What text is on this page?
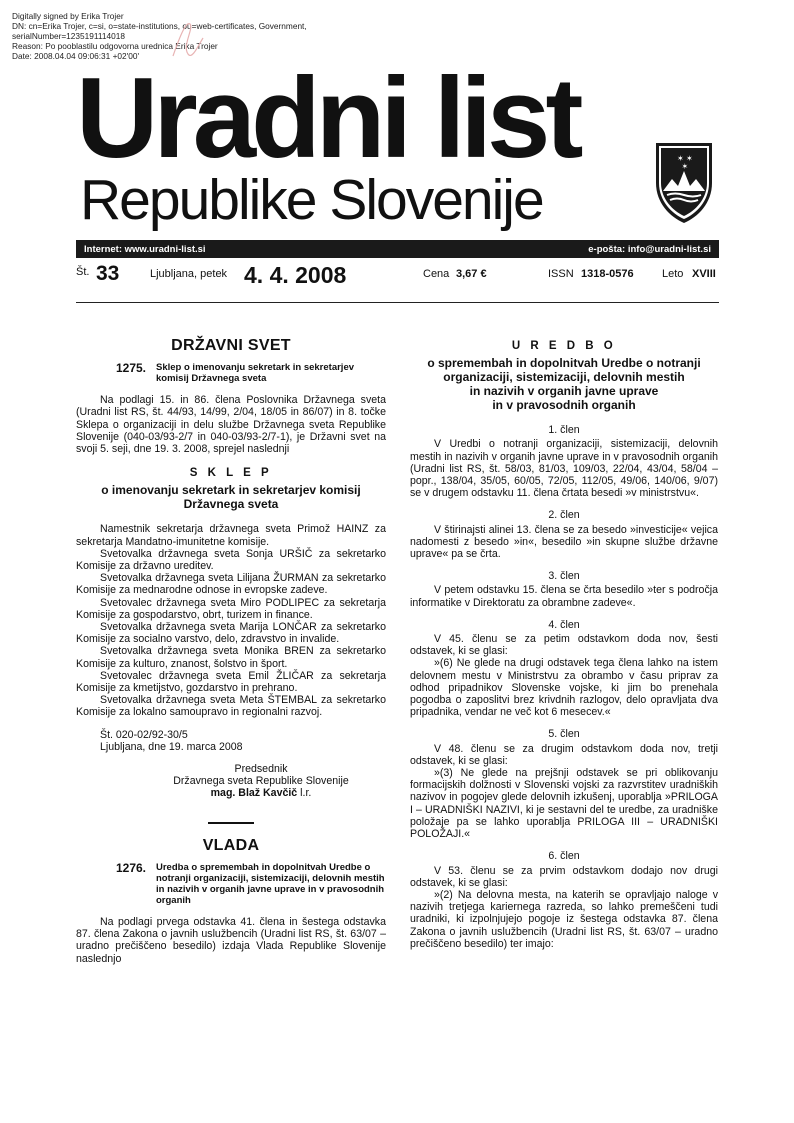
Digitally signed by Erika Trojer
DN: cn=Erika Trojer, c=si, o=state-institutions, ou=web-certificates, Government,
serialNumber=1235191114018
Reason: Po pooblastilu odgovorna urednica Erika Trojer
Date: 2008.04.04 09:06:31 +02'00'
Uradni list
Republike Slovenije
✶ ✶
✶
Internet: www.uradni-list.si	e-pošta: info@uradni-list.si
Št. 33	Ljubljana, petek 4. 4. 2008	Cena 3,67 €	ISSN 1318-0576	Leto XVIII
DRŽAVNI SVET
1275.	Sklep o imenovanju sekretark in sekretarjev komisij Državnega sveta

Na podlagi 15. in 86. člena Poslovnika Državnega sveta (Uradni list RS, št. 44/93, 14/99, 2/04, 18/05 in 86/07) in 8. točke Sklepa o organizaciji in delu službe Državnega sveta Republike Slovenije (040-03/93-2/7 in 040-03/93-2/7-1), je Državni svet na svoji 5. seji, dne 19. 3. 2008, sprejel naslednji

S K L E P
o imenovanju sekretark in sekretarjev komisij Državnega sveta

Namestnik sekretarja državnega sveta Primož HAINZ za sekretarja Mandatno-imunitetne komisije.

Svetovalka državnega sveta Sonja URŠIČ za sekretarko Komisije za državno ureditev.

Svetovalka državnega sveta Lilijana ŽURMAN za sekretarko Komisije za mednarodne odnose in evropske zadeve.

Svetovalec državnega sveta Miro PODLIPEC za sekretarja Komisije za gospodarstvo, obrt, turizem in finance.

Svetovalka državnega sveta Marija LONČAR za sekretarko Komisije za socialno varstvo, delo, zdravstvo in invalide.

Svetovalka državnega sveta Monika BREN za sekretarko Komisije za kulturo, znanost, šolstvo in šport.

Svetovalec državnega sveta Emil ŽLIČAR za sekretarja Komisije za kmetijstvo, gozdarstvo in prehrano.

Svetovalka državnega sveta Meta ŠTEMBAL za sekretarko Komisije za lokalno samoupravo in regionalni razvoj.

Št. 020-02/92-30/5

Ljubljana, dne 19. marca 2008

Predsednik
Državnega sveta Republike Slovenije
mag. Blaž Kavčič l.r.
VLADA
1276.	Uredba o spremembah in dopolnitvah Uredbe o notranji organizaciji, sistemizaciji, delovnih mestih in nazivih v organih javne uprave in v pravosodnih organih

Na podlagi prvega odstavka 41. člena in šestega odstavka 87. člena Zakona o javnih uslužbencih (Uradni list RS, št. 63/07 – uradno prečiščeno besedilo) izdaja Vlada Republike Slovenije naslednjo

U R E D B O
o spremembah in dopolnitvah Uredbe o notranji
organizaciji, sistemizaciji, delovnih mestih
in nazivih v organih javne uprave
in v pravosodnih organih
1. člen

V Uredbi o notranji organizaciji, sistemizaciji, delovnih mestih in nazivih v organih javne uprave in v pravosodnih organih (Uradni list RS, št. 58/03, 81/03, 109/03, 22/04, 43/04, 58/04 – popr., 138/04, 35/05, 60/05, 72/05, 112/05, 49/06, 140/06, 9/07) se v drugem odstavku 11. člena črtata besedi »v ministrstvu«.

2. člen

V štirinajsti alinei 13. člena se za besedo »investicije« vejica nadomesti z besedo »in«, besedilo »in skupne službe državne uprave« pa se črta.

3. člen

V petem odstavku 15. člena se črta besedilo »ter s področja informatike v Direktoratu za obrambne zadeve«.

4. člen

V 45. členu se za petim odstavkom doda nov, šesti odstavek, ki se glasi:

»(6) Ne glede na drugi odstavek tega člena lahko na istem delovnem mestu v Ministrstvu za obrambo v času priprav za odhod pripadnikov Slovenske vojske, ki jim bo prenehala pogodba o zaposlitvi brez krivdnih razlogov, delo opravljata dva pripadnika, vendar ne več kot 6 mesecev.«

5. člen

V 48. členu se za drugim odstavkom doda nov, tretji odstavek, ki se glasi:

»(3) Ne glede na prejšnji odstavek se pri oblikovanju formacijskih dolžnosti v Slovenski vojski za razvrstitev uradniških nazivov in pogojev glede delovnih izkušenj, uporablja »PRILOGA I – URADNIŠKI NAZIVI, ki je sestavni del te uredbe, za uradniške položaje pa se lahko uporablja PRILOGA III – URADNIŠKI POLOŽAJI.«

6. člen

V 53. členu se za prvim odstavkom dodajo nov drugi odstavek, ki se glasi:

»(2) Na delovna mesta, na katerih se opravljajo naloge v nazivih tretjega kariernega razreda, so lahko premeščeni tudi uradniki, ki izpolnjujejo pogoje iz šestega odstavka 87. člena Zakona o javnih uslužbencih (Uradni list RS, št. 63/07 – uradno prečiščeno besedilo) ter imajo:
